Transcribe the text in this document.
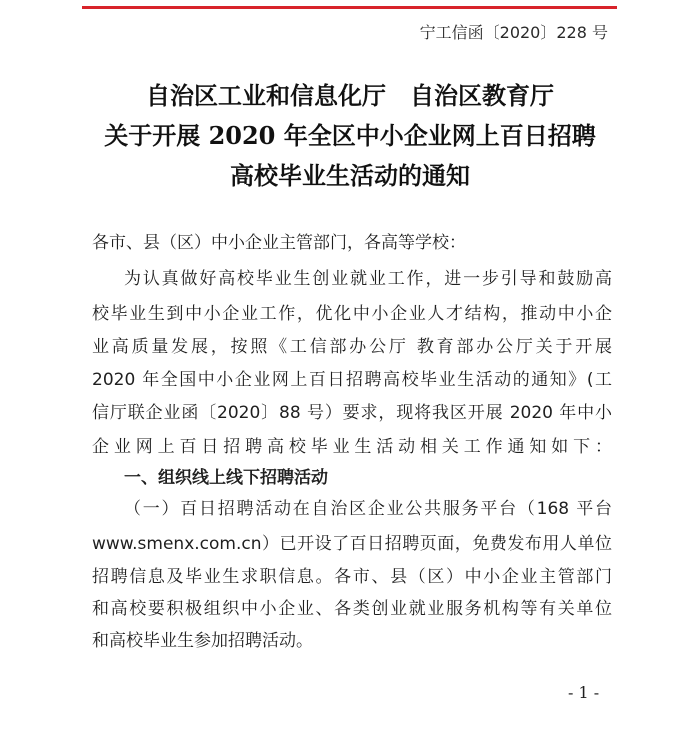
宁工信函〔2020〕228 号
自治区工业和信息化厅 自治区教育厅
关于开展 2020 年全区中小企业网上百日招聘
高校毕业生活动的通知
各市、县（区）中小企业主管部门，各高等学校：
为认真做好高校毕业生创业就业工作，进一步引导和鼓励高
校毕业生到中小企业工作，优化中小企业人才结构，推动中小企
业高质量发展，按照《工信部办公厅 教育部办公厅关于开展
2020 年全国中小企业网上百日招聘高校毕业生活动的通知》(工
信厅联企业函〔2020〕88 号）要求，现将我区开展 2020 年中小
企业网上百日招聘高校毕业生活动相关工作通知如下：
一、组织线上线下招聘活动
（一）百日招聘活动在自治区企业公共服务平台（168 平台
www.smenx.com.cn）已开设了百日招聘页面，免费发布用人单位
招聘信息及毕业生求职信息。各市、县（区）中小企业主管部门
和高校要积极组织中小企业、各类创业就业服务机构等有关单位
和高校毕业生参加招聘活动。
- 1 -
